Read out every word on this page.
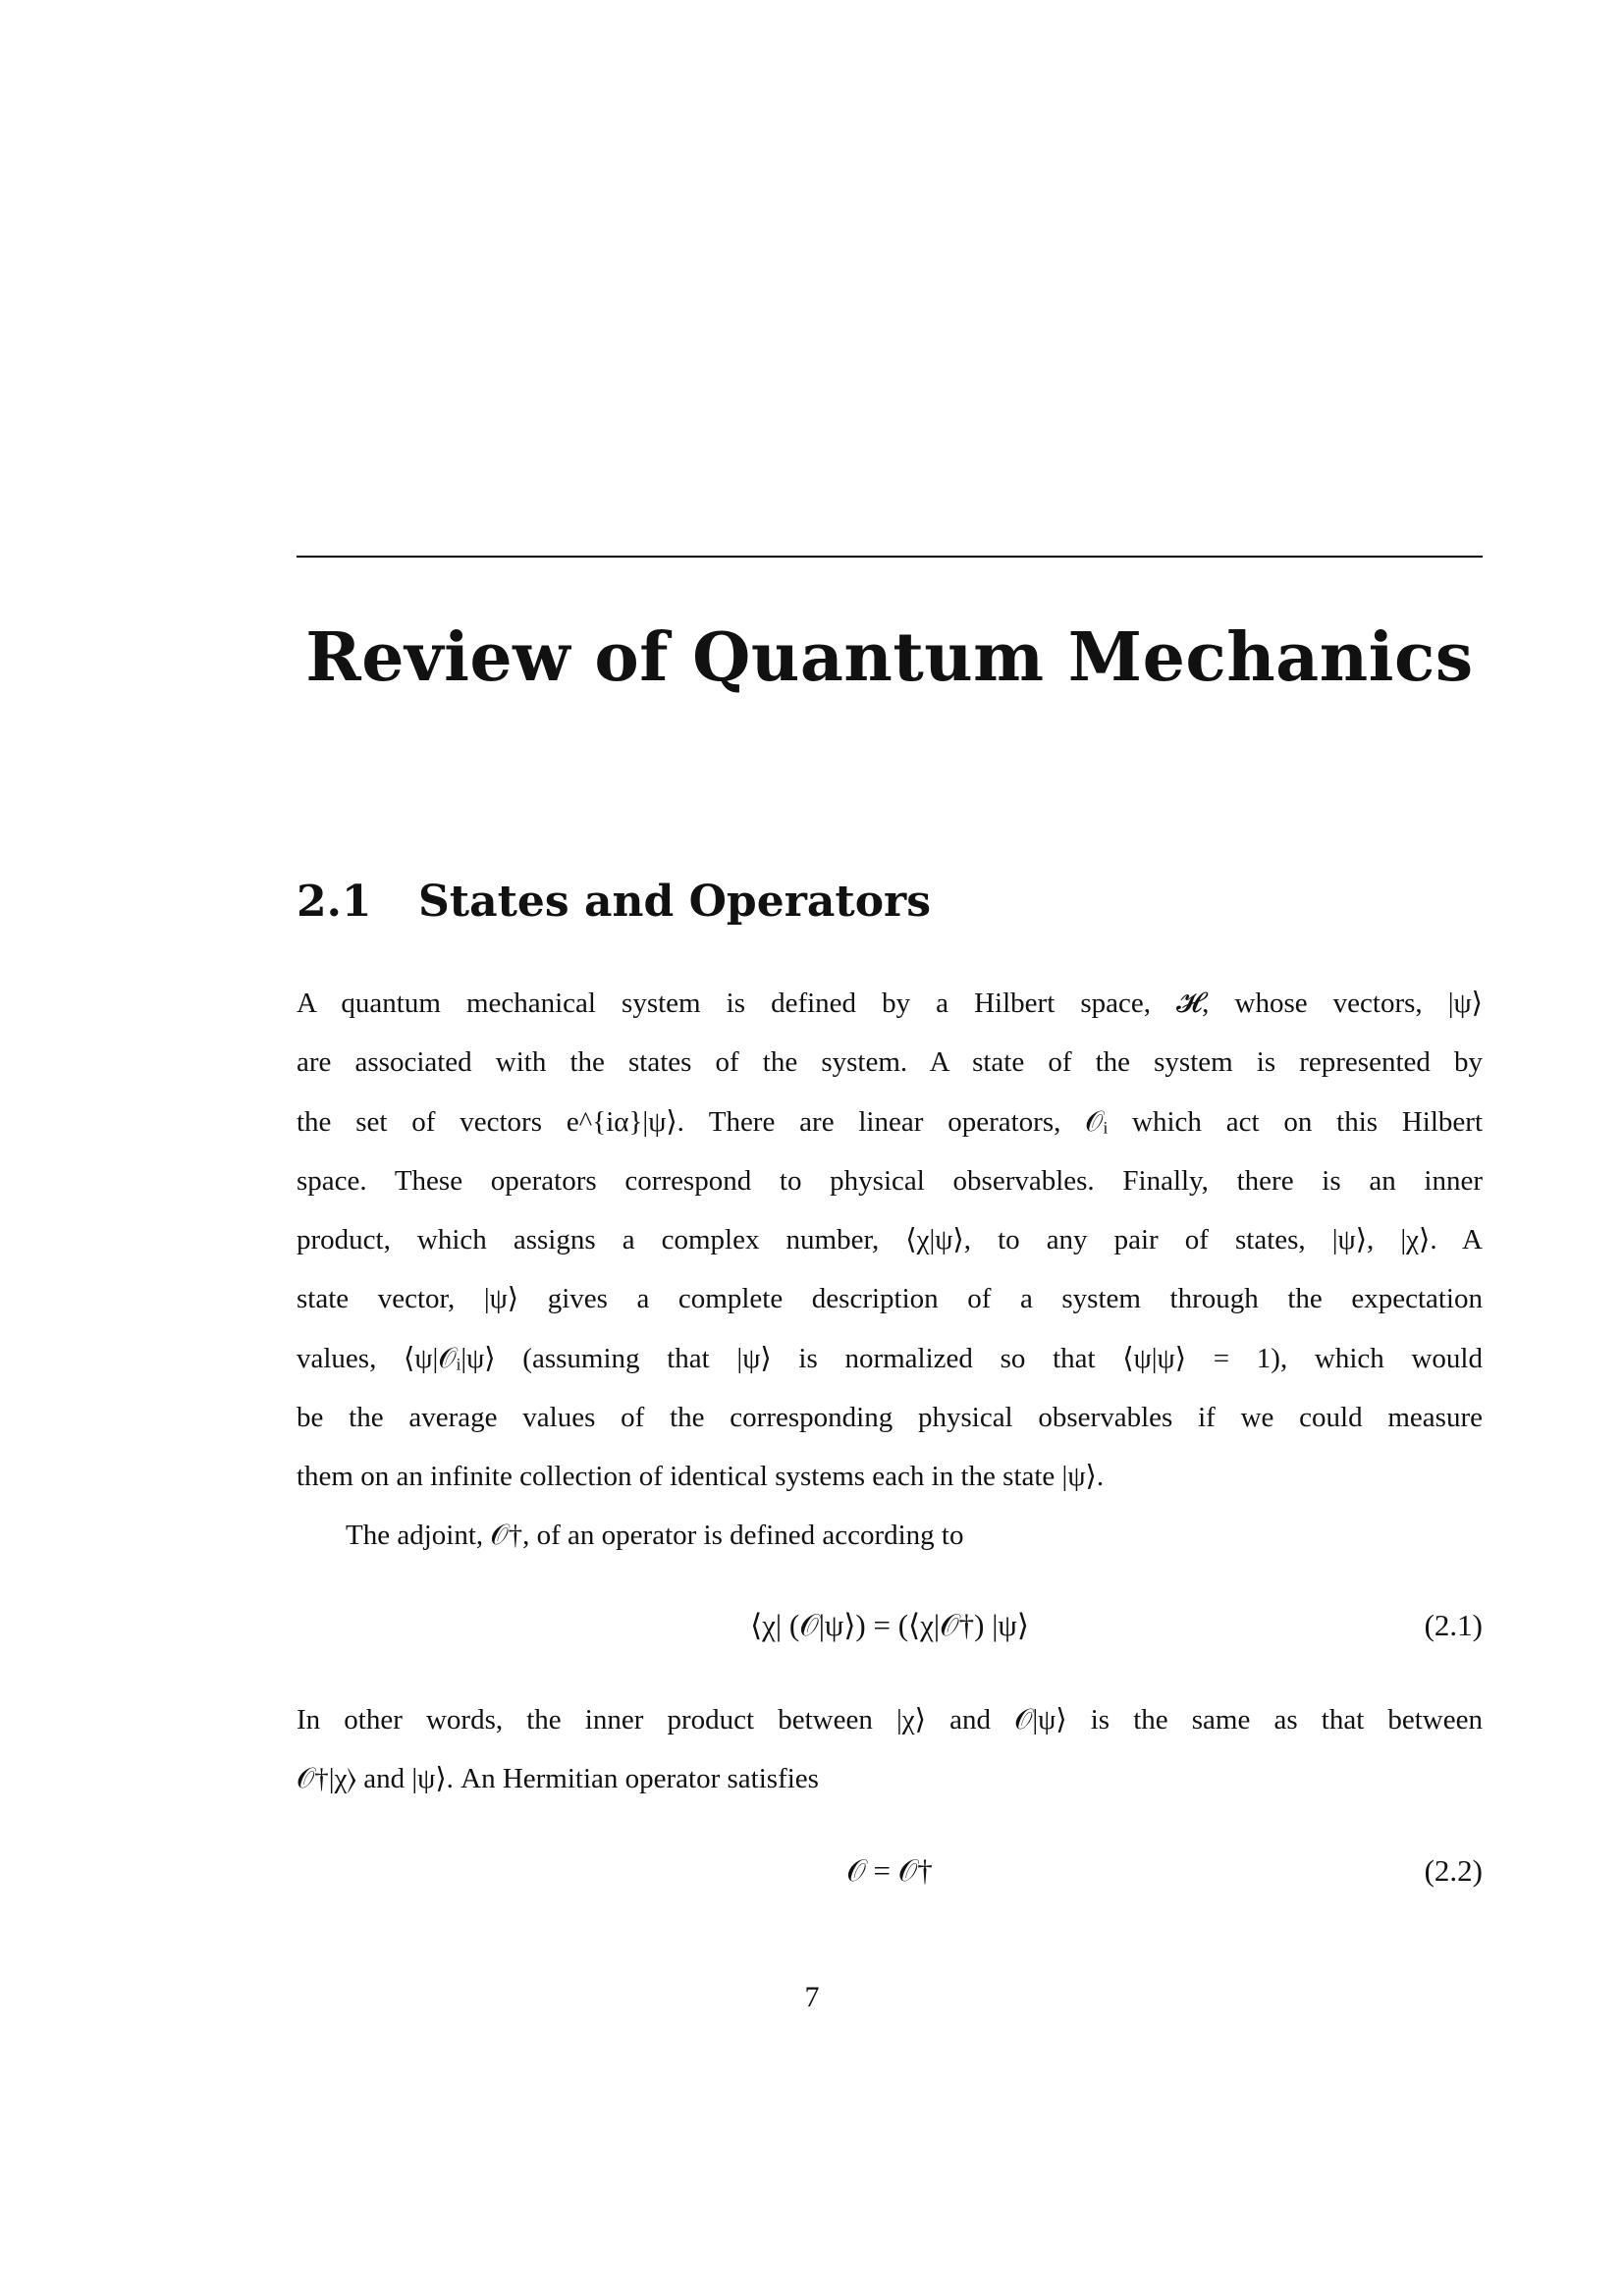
Review of Quantum Mechanics
2.1 States and Operators
A quantum mechanical system is defined by a Hilbert space, 𝓗, whose vectors, |ψ⟩
are associated with the states of the system. A state of the system is represented by
the set of vectors e^{iα}|ψ⟩. There are linear operators, 𝒪ᵢ which act on this Hilbert
space. These operators correspond to physical observables. Finally, there is an inner
product, which assigns a complex number, ⟨χ|ψ⟩, to any pair of states, |ψ⟩, |χ⟩. A
state vector, |ψ⟩ gives a complete description of a system through the expectation
values, ⟨ψ|𝒪ᵢ|ψ⟩ (assuming that |ψ⟩ is normalized so that ⟨ψ|ψ⟩ = 1), which would
be the average values of the corresponding physical observables if we could measure
them on an infinite collection of identical systems each in the state |ψ⟩.
The adjoint, 𝒪†, of an operator is defined according to
⟨χ| (𝒪|ψ⟩) = (⟨χ|𝒪†) |ψ⟩	(2.1)
In other words, the inner product between |χ⟩ and 𝒪|ψ⟩ is the same as that between
𝒪†|χ⟩ and |ψ⟩. An Hermitian operator satisfies
𝒪 = 𝒪†	(2.2)
7
